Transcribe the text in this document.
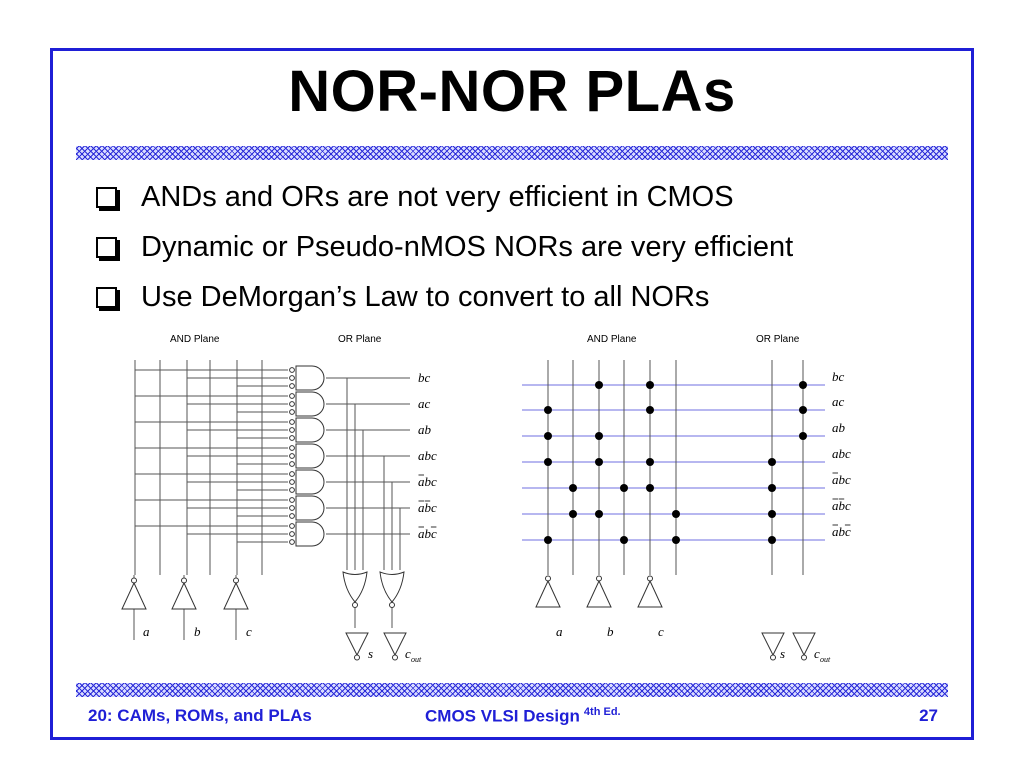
NOR-NOR PLAs
ANDs and ORs are not very efficient in CMOS
Dynamic or Pseudo-nMOS NORs are very efficient
Use DeMorgan’s Law to convert to all NORs
AND Plane	OR Plane
bc
ac
ab
abc
abc
abc
abc
s c out
a	b	c
AND Plane	OR Plane
bc
ac
ab
abc
abc
abc
abc
s c out
a	b	c
20: CAMs, ROMs, and PLAs	CMOS VLSI Design $^{4th Ed.}$	27
